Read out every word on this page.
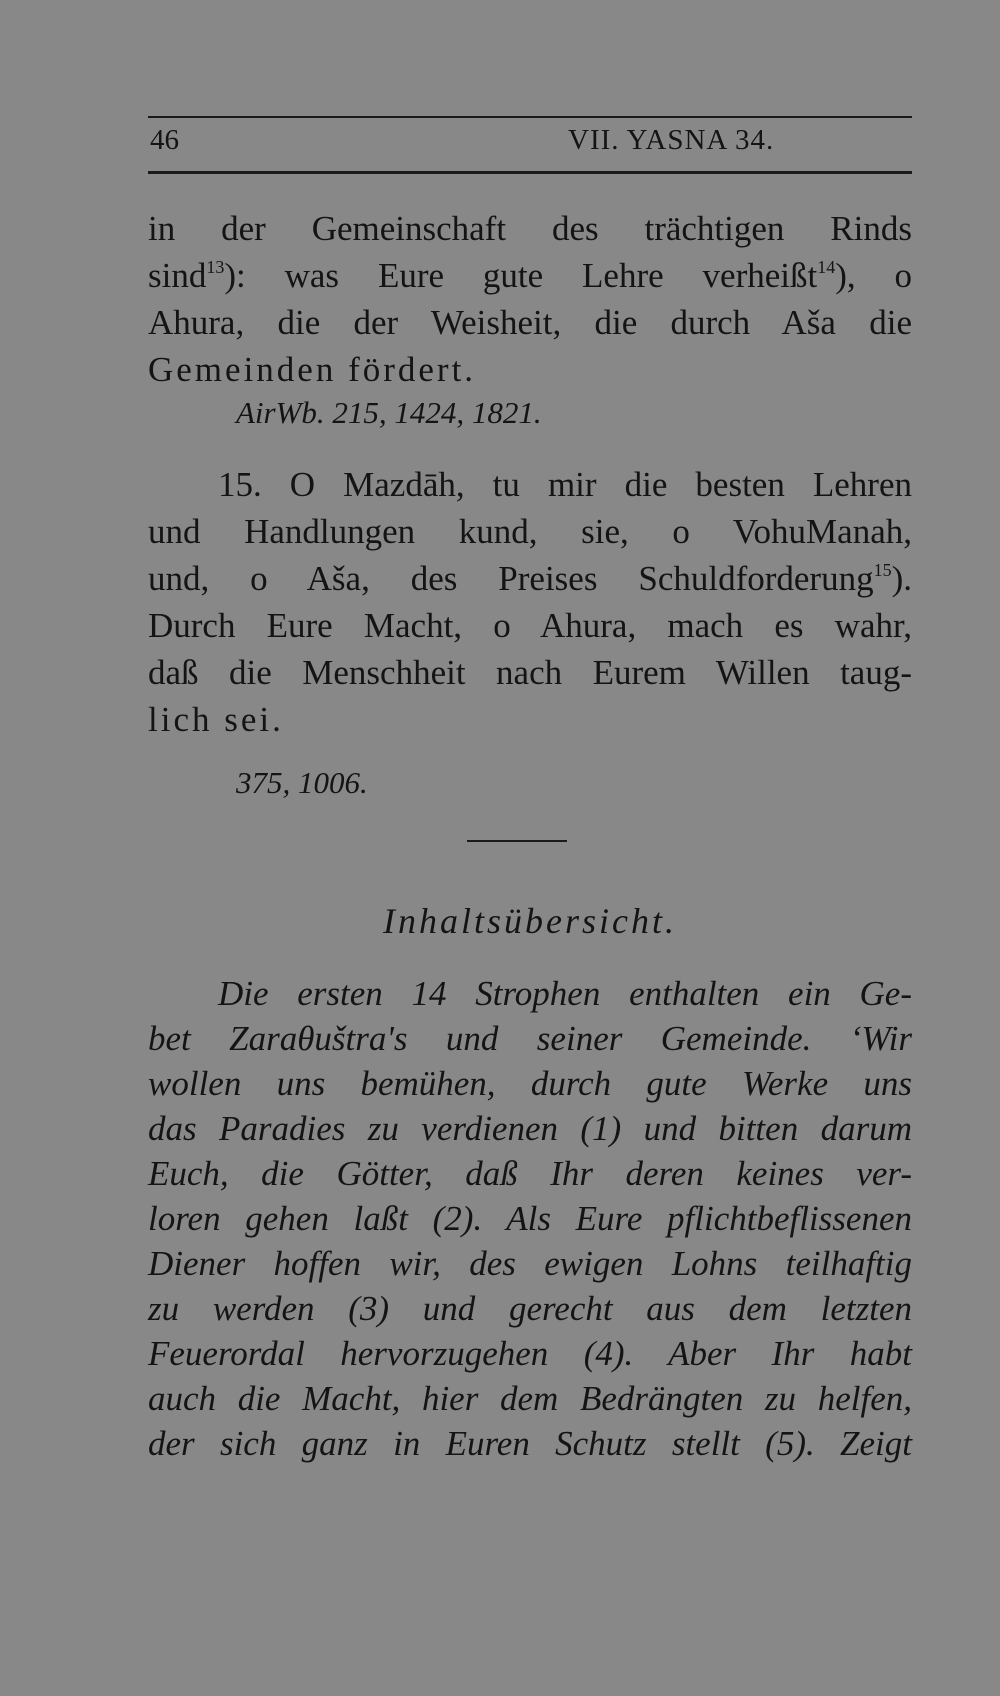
46	VII. YASNA 34.
in der Gemeinschaft des trächtigen Rinds
sind$^{13}$): was Eure gute Lehre verheißt$^{14}$), o
Ahura, die der Weisheit, die durch Aša die
Gemeinden fördert.
AirWb. 215, 1424, 1821.
15. O Mazdāh, tu mir die besten Lehren
und Handlungen kund, sie, o VohuManah,
und, o Aša, des Preises Schuldforderung$^{15}$).
Durch Eure Macht, o Ahura, mach es wahr,
daß die Menschheit nach Eurem Willen taug-
lich sei.
375, 1006.
Inhaltsübersicht.
Die ersten 14 Strophen enthalten ein Ge-
bet Zaraθuštra's und seiner Gemeinde. ‘Wir
wollen uns bemühen, durch gute Werke uns
das Paradies zu verdienen (1) und bitten darum
Euch, die Götter, daß Ihr deren keines ver-
loren gehen laßt (2). Als Eure pflichtbeflissenen
Diener hoffen wir, des ewigen Lohns teilhaftig
zu werden (3) und gerecht aus dem letzten
Feuerordal hervorzugehen (4). Aber Ihr habt
auch die Macht, hier dem Bedrängten zu helfen,
der sich ganz in Euren Schutz stellt (5). Zeigt
